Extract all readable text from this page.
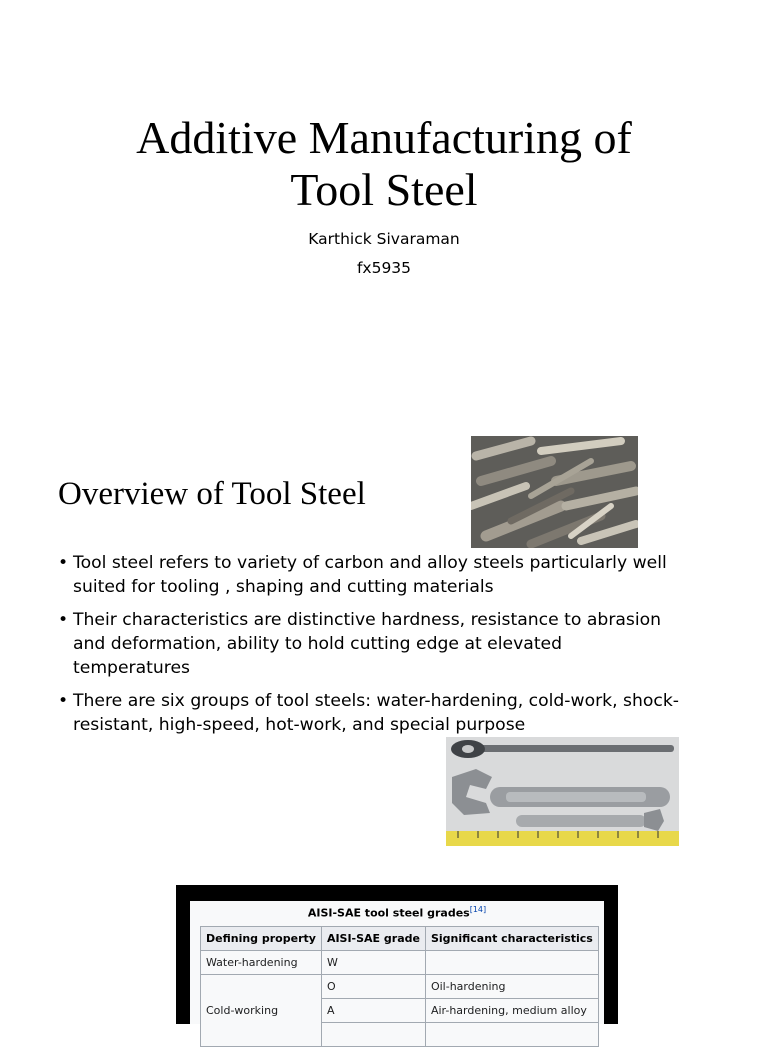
Additive Manufacturing of
Tool Steel
Karthick Sivaraman
fx5935
Overview of Tool Steel
• Tool steel refers to variety of carbon and alloy steels particularly well
suited for tooling , shaping and cutting materials
• Their characteristics are distinctive hardness, resistance to abrasion
and deformation, ability to hold cutting edge at elevated
temperatures
• There are six groups of tool steels: water-hardening, cold-work, shock-
resistant, high-speed, hot-work, and special purpose
AISI-SAE tool steel grades[14]
Defining property	AISI-SAE grade	Significant characteristics
Water-hardening	W	
Cold-working	O	Oil-hardening
	A	Air-hardening, medium alloy
